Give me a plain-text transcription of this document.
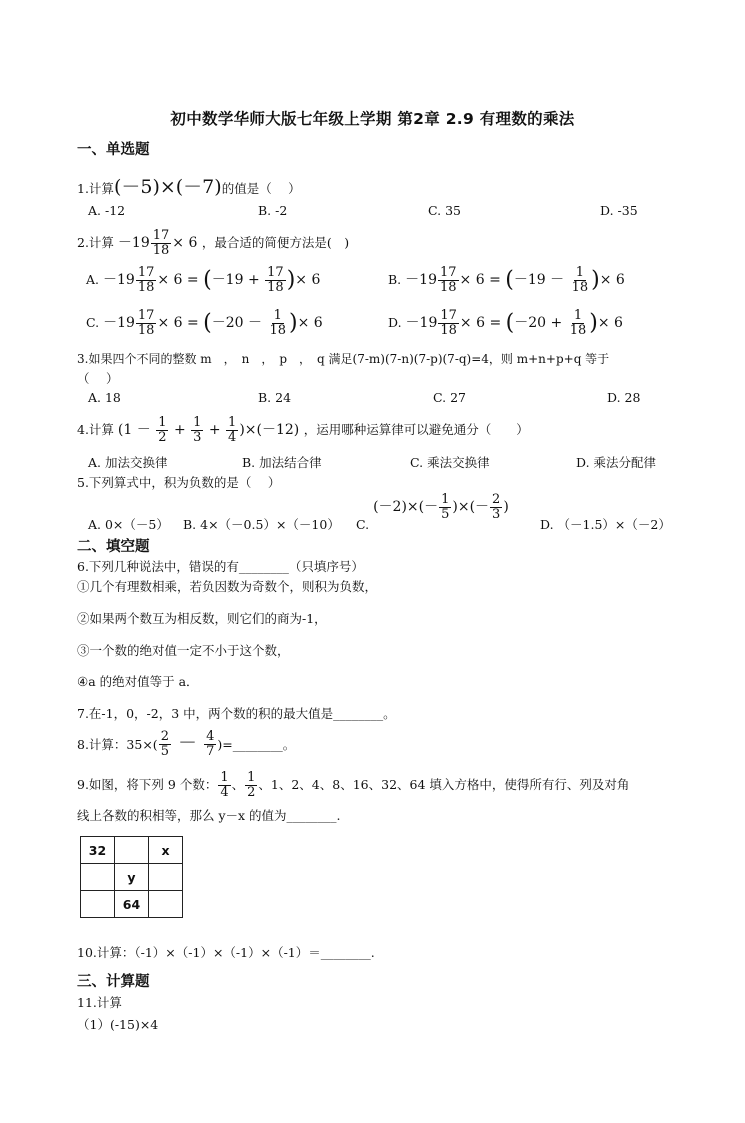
初中数学华师大版七年级上学期 第2章 2.9 有理数的乘法
一、单选题
1.计算(－5)×(－7)的值是（　 ）
A. -12	B. -2	C. 35	D. -35
2.计算 $-19 \frac{17}{18} \times 6$ ，最合适的简便方法是(　)
A. $-19 \frac{17}{18} \times 6 = (-19 + \frac{17}{18}$ )× 6	B. $-19 \frac{17}{18} \times 6 = (-19 - \frac{1}{18}$ )× 6
C. $-19 \frac{17}{18} \times 6 = (-20 - \frac{1}{18}$ )× 6	D. $-19 \frac{17}{18} \times 6 = (-20 + \frac{1}{18}$ )× 6
3.如果四个不同的整数 m　，　n　，　p　，　q 满足(7-m)(7-n)(7-p)(7-q)=4，则 m+n+p+q 等于
（　 ）
A. 18	B. 24	C. 27	D. 28
4.计算 $(1 - \frac{1}{2} + \frac{1}{3} + \frac{1}{4} )\times(-12)$ ，运用哪种运算律可以避免通分（　　）
A. 加法交换律	B. 加法结合律	C. 乘法交换律	D. 乘法分配律
5.下列算式中，积为负数的是（　 ）
A. 0×（－5） B. 4×（－0.5）×（－10） C. $(-2)\times(- \frac{1}{5}$ )×(－ $\frac{2}{3}$ )
D. （－1.5）×（－2）
二、填空题
6.下列几种说法中，错误的有________（只填序号）
①几个有理数相乘，若负因数为奇数个，则积为负数，
②如果两个数互为相反数，则它们的商为-1，
③一个数的绝对值一定不小于这个数，
④a 的绝对值等于 a．
7.在-1，0，-2，3 中，两个数的积的最大值是________。
8.计算：$35\times( \frac{2}{5} - \frac{4}{7}$ )=________。
9.如图，将下列 9 个数： $\frac{1}{4}$ 、 $\frac{1}{2}$ 、1、2、4、8、16、32、64 填入方格中，使得所有行、列及对角
线上各数的积相等，那么 y－x 的值为________.
32		x
	y	
	64	
10.计算：（-1）×（-1）×（-1）×（-1）＝________.
三、计算题
11.计算
（1）(-15)×4
